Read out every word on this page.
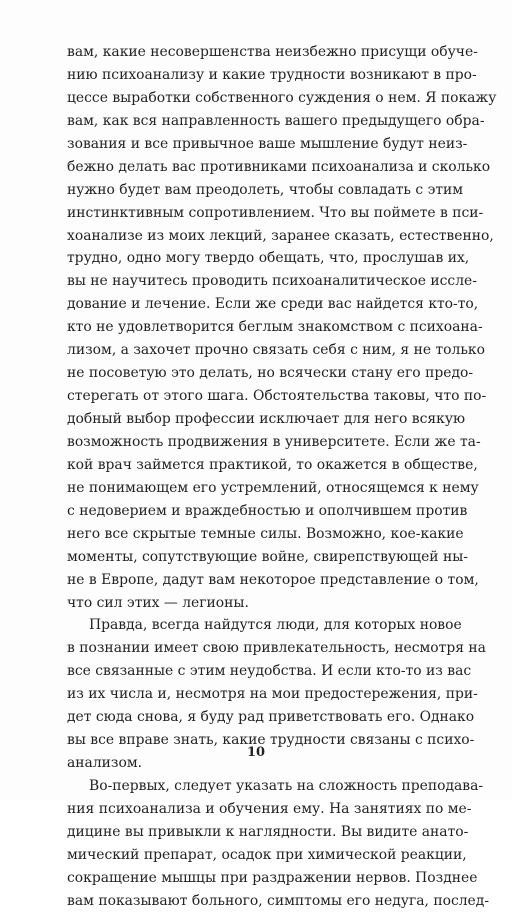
вам, какие несовершенства неизбежно присущи обуче-
нию психоанализу и какие трудности возникают в про-
цессе выработки собственного суждения о нем. Я покажу
вам, как вся направленность вашего предыдущего обра-
зования и все привычное ваше мышление будут неиз-
бежно делать вас противниками психоанализа и сколько
нужно будет вам преодолеть, чтобы совладать с этим
инстинктивным сопротивлением. Что вы поймете в пси-
хоанализе из моих лекций, заранее сказать, естественно,
трудно, одно могу твердо обещать, что, прослушав их,
вы не научитесь проводить психоаналитическое иссле-
дование и лечение. Если же среди вас найдется кто-то,
кто не удовлетворится беглым знакомством с психоана-
лизом, а захочет прочно связать себя с ним, я не только
не посоветую это делать, но всячески стану его предо-
стерегать от этого шага. Обстоятельства таковы, что по-
добный выбор профессии исключает для него всякую
возможность продвижения в университете. Если же та-
кой врач займется практикой, то окажется в обществе,
не понимающем его устремлений, относящемся к нему
с недоверием и враждебностью и ополчившем против
него все скрытые темные силы. Возможно, кое-какие
моменты, сопутствующие войне, свирепствующей ны-
не в Европе, дадут вам некоторое представление о том,
что сил этих — легионы.
Правда, всегда найдутся люди, для которых новое
в познании имеет свою привлекательность, несмотря на
все связанные с этим неудобства. И если кто-то из вас
из их числа и, несмотря на мои предостережения, при-
дет сюда снова, я буду рад приветствовать его. Однако
вы все вправе знать, какие трудности связаны с психо-
анализом.
Во-первых, следует указать на сложность преподава-
ния психоанализа и обучения ему. На занятиях по ме-
дицине вы привыкли к наглядности. Вы видите анато-
мический препарат, осадок при химической реакции,
сокращение мышцы при раздражении нервов. Позднее
вам показывают больного, симптомы его недуга, послед-
10
